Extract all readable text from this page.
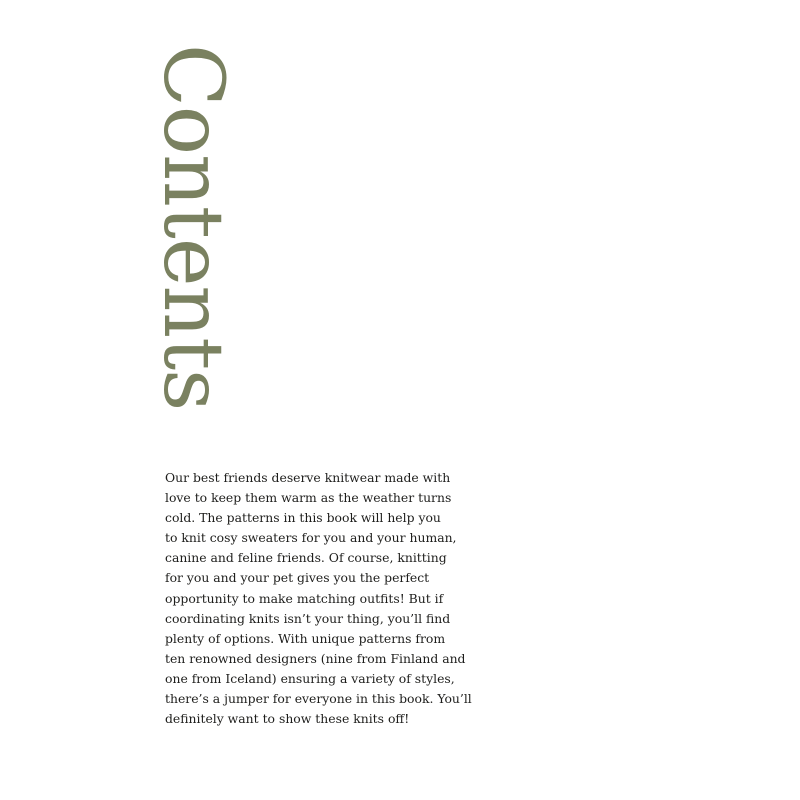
Contents
Our best friends deserve knitwear made with
love to keep them warm as the weather turns
cold. The patterns in this book will help you
to knit cosy sweaters for you and your human,
canine and feline friends. Of course, knitting
for you and your pet gives you the perfect
opportunity to make matching outfits! But if
coordinating knits isn’t your thing, you’ll find
plenty of options. With unique patterns from
ten renowned designers (nine from Finland and
one from Iceland) ensuring a variety of styles,
there’s a jumper for everyone in this book. You’ll
definitely want to show these knits off!
